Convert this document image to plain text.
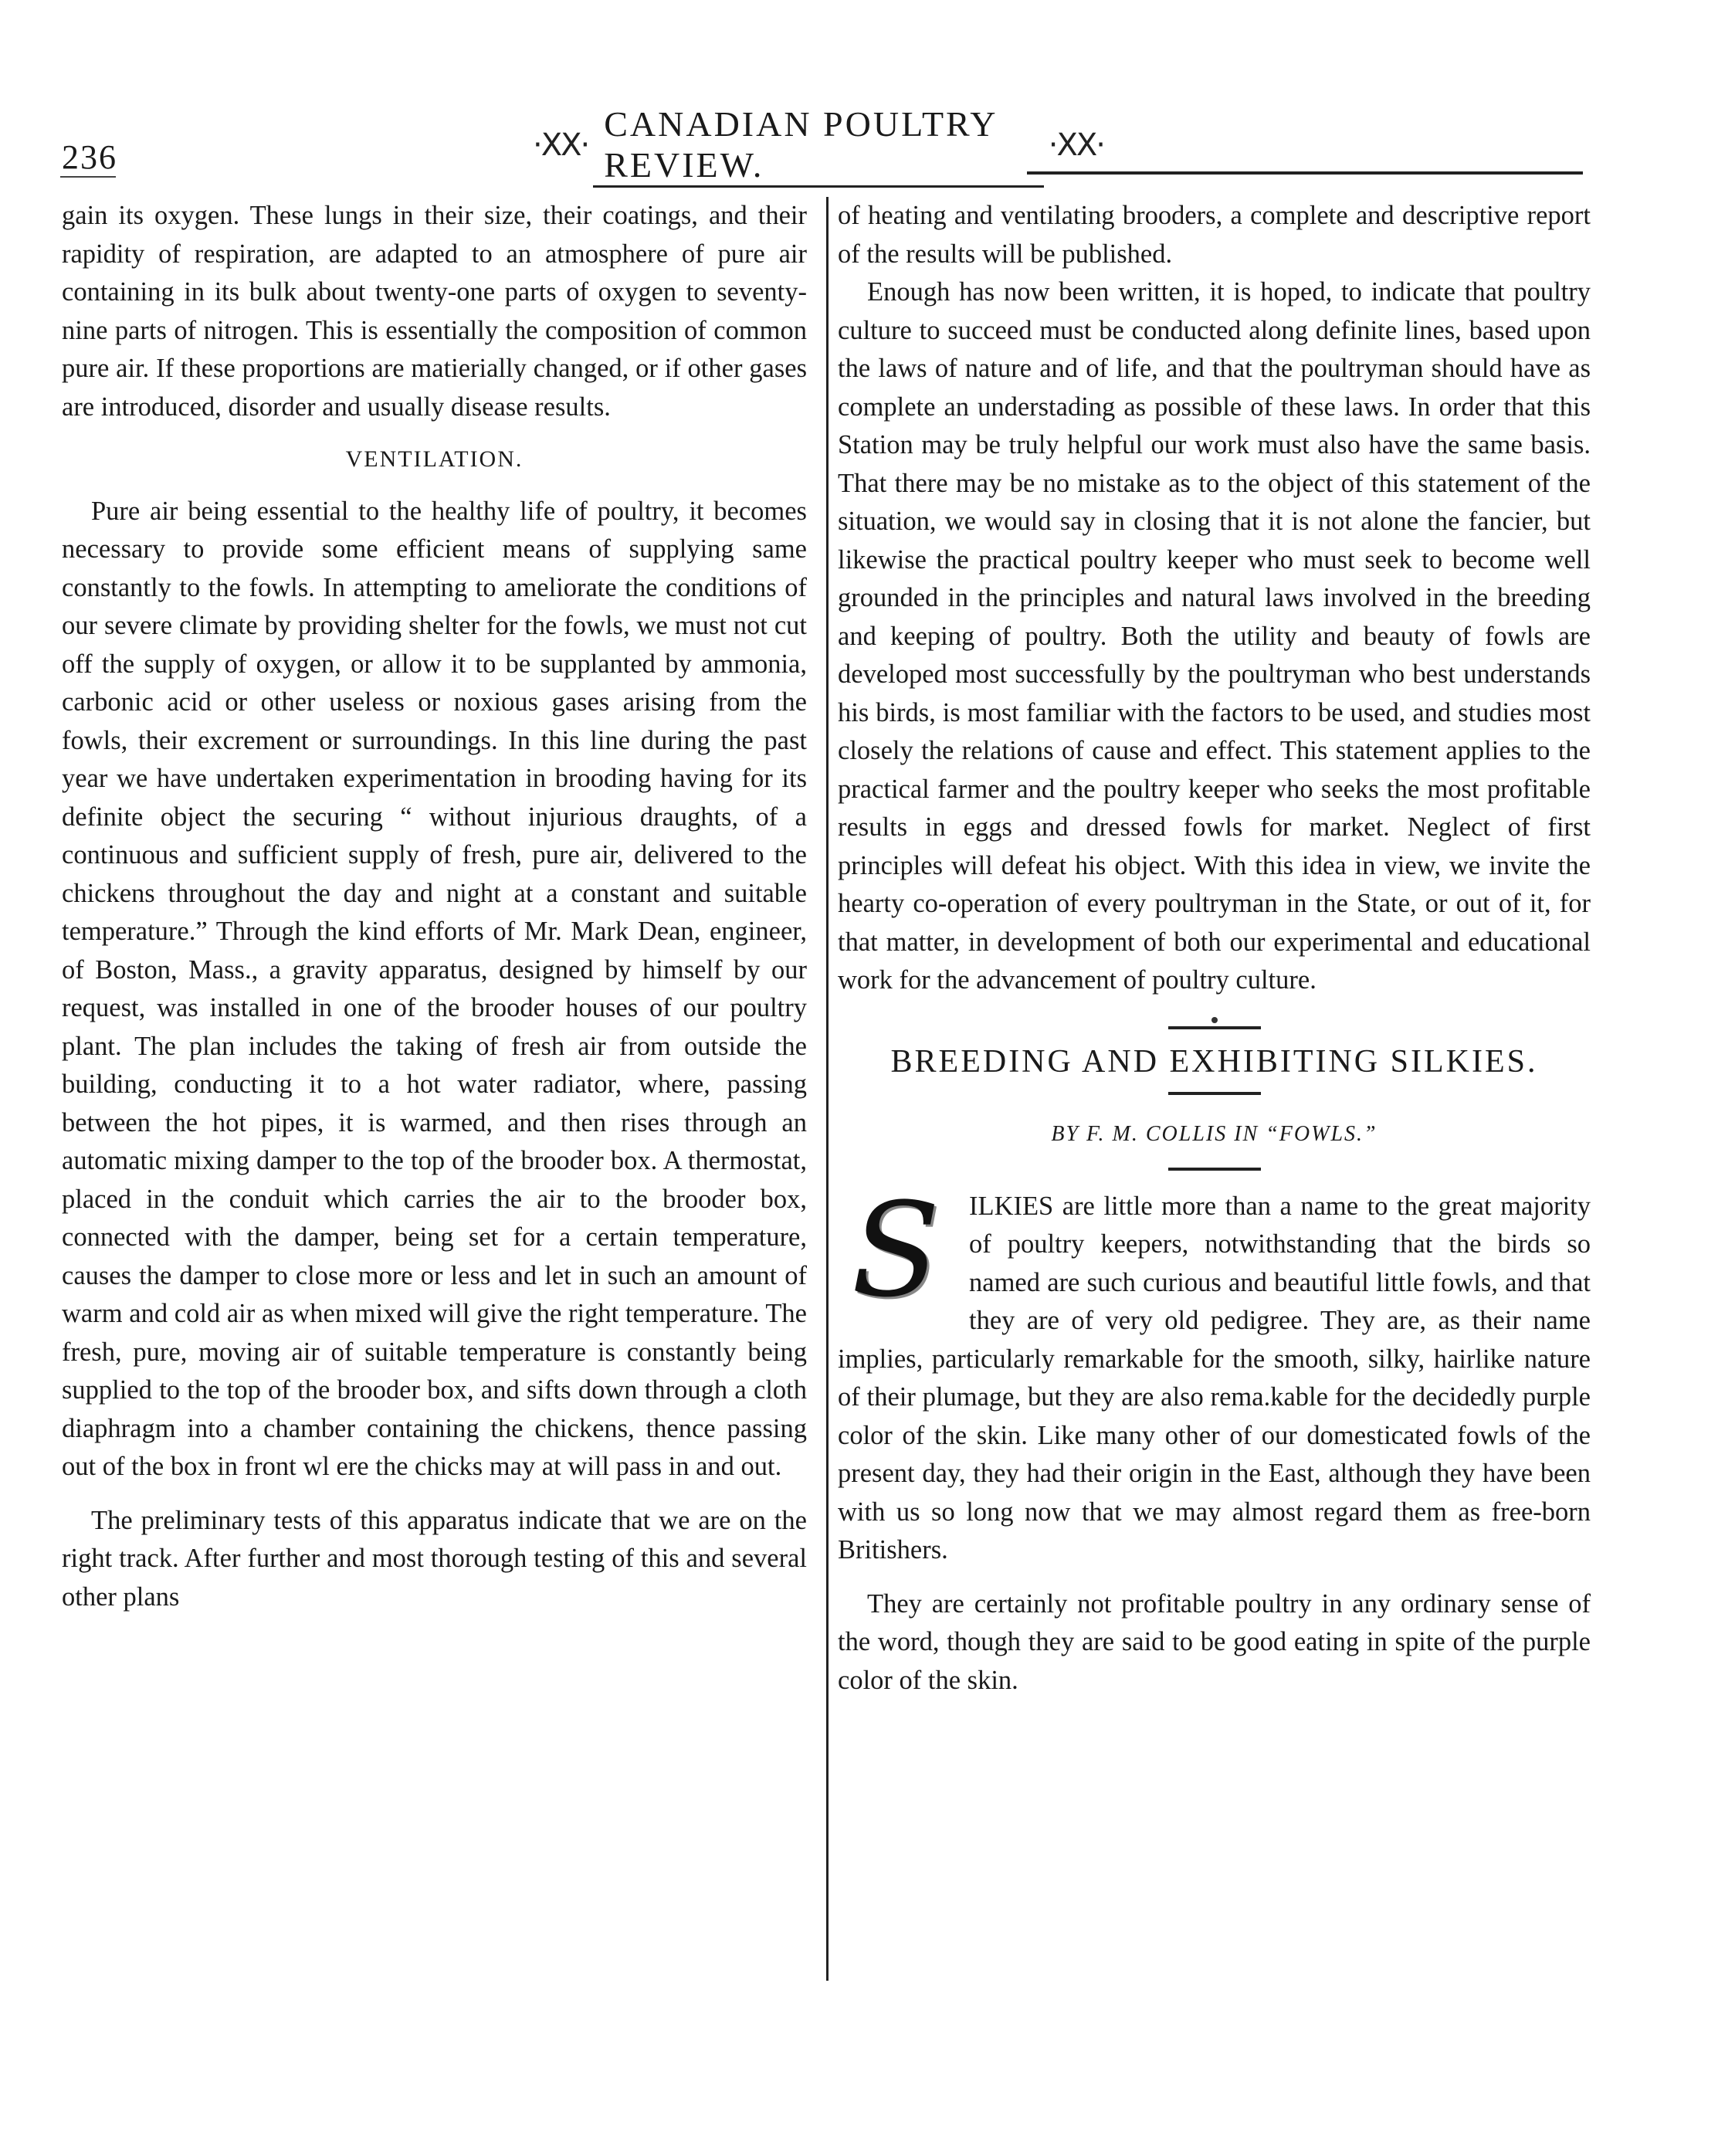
236	·XX·
CANADIAN POULTRY REVIEW.	·XX·

gain its oxygen. These lungs in their size, their coatings, and their rapidity of respiration, are adapted to an atmosphere of pure air containing in its bulk about twenty-one parts of oxygen to seventy-nine parts of nitrogen. This is essentially the composition of common pure air. If these proportions are matierially changed, or if other gases are introduced, disorder and usually disease results.

VENTILATION.

Pure air being essential to the healthy life of poultry, it becomes necessary to provide some efficient means of supplying same constantly to the fowls. In attempting to ameliorate the conditions of our severe climate by providing shelter for the fowls, we must not cut off the supply of oxygen, or allow it to be supplanted by ammonia, carbonic acid or other useless or noxious gases arising from the fowls, their excrement or surroundings. In this line during the past year we have undertaken experimentation in brooding having for its definite object the securing “ without injurious draughts, of a continuous and sufficient supply of fresh, pure air, delivered to the chickens throughout the day and night at a constant and suitable temperature.” Through the kind efforts of Mr. Mark Dean, engineer, of Boston, Mass., a gravity apparatus, designed by himself by our request, was installed in one of the brooder houses of our poultry plant. The plan includes the taking of fresh air from outside the building, conducting it to a hot water radiator, where, passing between the hot pipes, it is warmed, and then rises through an automatic mixing damper to the top of the brooder box. A thermostat, placed in the conduit which carries the air to the brooder box, connected with the damper, being set for a certain temperature, causes the damper to close more or less and let in such an amount of warm and cold air as when mixed will give the right temperature. The fresh, pure, moving air of suitable temperature is constantly being supplied to the top of the brooder box, and sifts down through a cloth diaphragm into a chamber containing the chickens, thence passing out of the box in front wl ere the chicks may at will pass in and out.

The preliminary tests of this apparatus indicate that we are on the right track. After further and most thorough testing of this and several other plans

of heating and ventilating brooders, a complete and descriptive report of the results will be published.

Enough has now been written, it is hoped, to indicate that poultry culture to succeed must be conducted along definite lines, based upon the laws of nature and of life, and that the poultryman should have as complete an understading as possible of these laws. In order that this Station may be truly helpful our work must also have the same basis. That there may be no mistake as to the object of this statement of the situation, we would say in closing that it is not alone the fancier, but likewise the practical poultry keeper who must seek to become well grounded in the principles and natural laws involved in the breeding and keeping of poultry. Both the utility and beauty of fowls are developed most successfully by the poultryman who best understands his birds, is most familiar with the factors to be used, and studies most closely the relations of cause and effect. This statement applies to the practical farmer and the poultry keeper who seeks the most profitable results in eggs and dressed fowls for market. Neglect of first principles will defeat his object. With this idea in view, we invite the hearty co-operation of every poultryman in the State, or out of it, for that matter, in development of both our experimental and educational work for the advancement of poultry culture.

BREEDING AND EXHIBITING SILKIES.
BY F. M. COLLIS IN “FOWLS.”
S	ILKIES are little more than a name to the great majority of poultry keepers, notwithstanding that the birds so named are such curious and beautiful little fowls, and that they are of very old pedigree. They are, as their name implies, particularly remarkable for the smooth, silky, hairlike nature of their plumage, but they are also rema.kable for the decidedly purple color of the skin. Like many other of our domesticated fowls of the present day, they had their origin in the East, although they have been with us so long now that we may almost regard them as free-born Britishers.

They are certainly not profitable poultry in any ordinary sense of the word, though they are said to be good eating in spite of the purple color of the skin.
